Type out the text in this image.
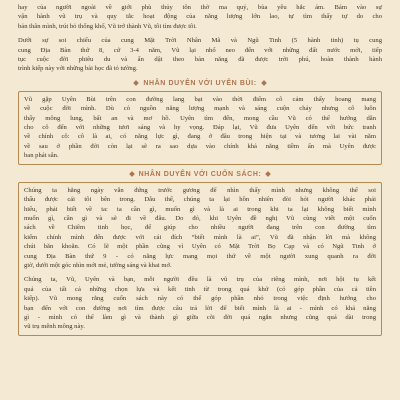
hay của người ngoài về giới phù thủy tôn thờ ma quỷ, bùa yêu hắc ám. Bám vào sự
vận hành vũ trụ và quy tắc hoạt động của năng lượng lớn lao, tự tìm thấy tự do cho
bản thân mình, trút bỏ thống khổ, Vũ trở thành Vũ, tôi tìm được tôi.

Dưới sự soi chiếu của cung Mặt Trời Nhân Mã và Ngũ Tinh (5 hành tinh) tụ cung
cung Địa Bàn thứ 8, cứ 3-4 năm, Vũ lại nhổ neo đến với những đất nước mới, tiếp
tục cuộc đời phiêu du và ẩn dật theo bản năng đã được trời phú, hoàn thành hành
trình kiếp này với những bài học đã tỏ tường.

NHÂN DUYÊN VỚI UYÊN BÙI:

Vũ gặp Uyên Bùi trên con đường lang bạt vào thời điểm cô cảm thấy hoang mang
về cuộc đời mình. Dù có nguồn năng lượng mạnh và sáng cuộn chảy nhưng cô luôn
thấy mông lung, bất an và mơ hồ. Uyên tìm đến, mong cầu Vũ có thể hướng dẫn
cho cô đến với những tươi sáng và hy vọng. Đáp lại, Vũ đưa Uyên đến với bức tranh
về chính cô: cô là ai, có năng lực gì, đang ở đâu trong hiện tại và tương lai vài năm
về sau ở phần đời còn lại sẽ ra sao dựa vào chính khả năng tiềm ẩn mà Uyên được
ban phát sẵn.

NHÂN DUYÊN VỚI CUỐN SÁCH:

Chúng ta hằng ngày vẫn đứng trước gương để nhìn thấy mình nhưng không thể soi
thấu được cái tôi bên trong. Dẫu thế, chúng ta lại hồn nhiên đòi hỏi người khác phải
hiểu, phải biết về ta: ta cần gì, muốn gì và là ai trong khi ta lại không biết mình
muốn gì, cần gì và sẽ đi về đâu. Do đó, khi Uyên đề nghị Vũ cùng viết một cuốn
sách về Chiêm tinh học, để giúp cho nhiều người đang trên con đường tìm
kiếm chính mình đến được với cái đích “biết mình là ai”, Vũ đã nhận lời mà không
chút băn khoăn. Có lẽ một phần cũng vì Uyên có Mặt Trời Bọ Cạp và có Ngũ Tinh ở
cung Địa Bàn thứ 9 - có năng lực mang mọi thứ về một người xung quanh ra đời
giờ, dưới một góc nhìn mới mẻ, tường sáng và khai mở.

Chúng ta, Vũ, Uyên và bạn, mỗi người đều là vũ trụ của riêng mình, nơi hội tụ kết
quả của tất cả những chọn lựa và kết tinh từ trong quá khứ (có góp phần của cả tiền
kiếp). Vũ mong rằng cuốn sách này có thể góp phần nhỏ trong việc định hướng cho
bạn đến với con đường nơi tìm được câu trả lời để biết mình là ai - mình có khả năng
gì - mình có thể làm gì và thành gì giữa cõi đời quá ngắn nhưng cũng quá dài trong
vũ trụ mênh mông này.
